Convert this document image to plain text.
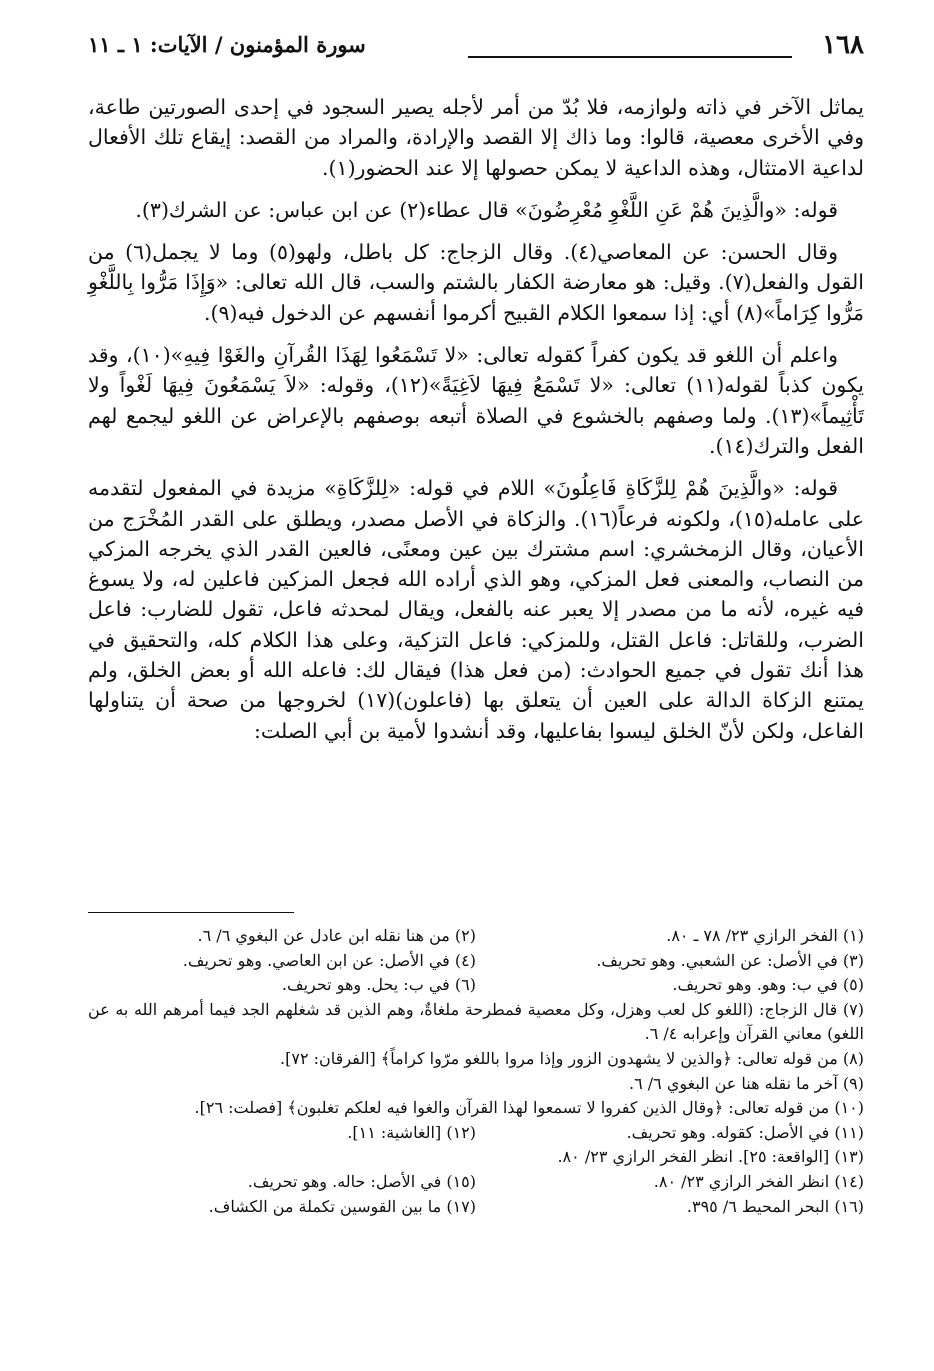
١٦٨
سورة المؤمنون / الآيات: ١ ـ ١١

يماثل الآخر في ذاته ولوازمه، فلا بُدّ من أمر لأجله يصير السجود في إحدى الصورتين طاعة، وفي الأخرى معصية، قالوا: وما ذاك إلا القصد والإرادة، والمراد من القصد: إيقاع تلك الأفعال لداعية الامتثال، وهذه الداعية لا يمكن حصولها إلا عند الحضور(١).

قوله: «والَّذِينَ هُمْ عَنِ اللَّغْوِ مُعْرِضُونَ» قال عطاء(٢) عن ابن عباس: عن الشرك(٣).

وقال الحسن: عن المعاصي(٤). وقال الزجاج: كل باطل، ولهو(٥) وما لا يجمل(٦) من القول والفعل(٧). وقيل: هو معارضة الكفار بالشتم والسب، قال الله تعالى: «وَإِذَا مَرُّوا بِاللَّغْوِ مَرُّوا كِرَاماً»(٨) أي: إذا سمعوا الكلام القبيح أكرموا أنفسهم عن الدخول فيه(٩).

واعلم أن اللغو قد يكون كفراً كقوله تعالى: «لا تَسْمَعُوا لِهَذَا القُرآنِ والغَوْا فِيهِ»(١٠)، وقد يكون كذباً لقوله(١١) تعالى: «لا تَسْمَعُ فِيهَا لاَغِيَةً»(١٢)، وقوله: «لاَ يَسْمَعُونَ فِيهَا لَغْواً ولا تَأْثِيماً»(١٣). ولما وصفهم بالخشوع في الصلاة أتبعه بوصفهم بالإعراض عن اللغو ليجمع لهم الفعل والترك(١٤).

قوله: «والَّذِينَ هُمْ لِلزَّكَاةِ فَاعِلُونَ» اللام في قوله: «لِلزَّكَاةِ» مزيدة في المفعول لتقدمه على عامله(١٥)، ولكونه فرعاً(١٦). والزكاة في الأصل مصدر، ويطلق على القدر المُخْرَج من الأعيان، وقال الزمخشري: اسم مشترك بين عين ومعنًى، فالعين القدر الذي يخرجه المزكي من النصاب، والمعنى فعل المزكي، وهو الذي أراده الله فجعل المزكين فاعلين له، ولا يسوغ فيه غيره، لأنه ما من مصدر إلا يعبر عنه بالفعل، ويقال لمحدثه فاعل، تقول للضارب: فاعل الضرب، وللقاتل: فاعل القتل، وللمزكي: فاعل التزكية، وعلى هذا الكلام كله، والتحقيق في هذا أنك تقول في جميع الحوادث: (من فعل هذا) فيقال لك: فاعله الله أو بعض الخلق، ولم يمتنع الزكاة الدالة على العين أن يتعلق بها (فاعلون)(١٧) لخروجها من صحة أن يتناولها الفاعل، ولكن لأنّ الخلق ليسوا بفاعليها، وقد أنشدوا لأمية بن أبي الصلت:

(١) الفخر الرازي ٢٣/ ٧٨ ـ ٨٠.
(٢) من هنا نقله ابن عادل عن البغوي ٦/ ٦.
(٣) في الأصل: عن الشعبي. وهو تحريف.
(٤) في الأصل: عن ابن العاصي. وهو تحريف.
(٥) في ب: وهو. وهو تحريف.
(٦) في ب: يحل. وهو تحريف.
(٧) قال الزجاج: (اللغو كل لعب وهزل، وكل معصية فمطرحة ملغاةٌ، وهم الذين قد شغلهم الجد فيما أمرهم الله به عن اللغو) معاني القرآن وإعرابه ٤/ ٦.
(٨) من قوله تعالى: ﴿والذين لا يشهدون الزور وإذا مروا باللغو مرّوا كراماً﴾ [الفرقان: ٧٢].
(٩) آخر ما نقله هنا عن البغوي ٦/ ٦.
(١٠) من قوله تعالى: ﴿وقال الذين كفروا لا تسمعوا لهذا القرآن والغوا فيه لعلكم تغلبون﴾ [فصلت: ٢٦].
(١١) في الأصل: كقوله. وهو تحريف.
(١٢) [الغاشية: ١١].
(١٣) [الواقعة: ٢٥]. انظر الفخر الرازي ٢٣/ ٨٠.
(١٤) انظر الفخر الرازي ٢٣/ ٨٠.
(١٥) في الأصل: حاله. وهو تحريف.
(١٦) البحر المحيط ٦/ ٣٩٥.
(١٧) ما بين القوسين تكملة من الكشاف.
